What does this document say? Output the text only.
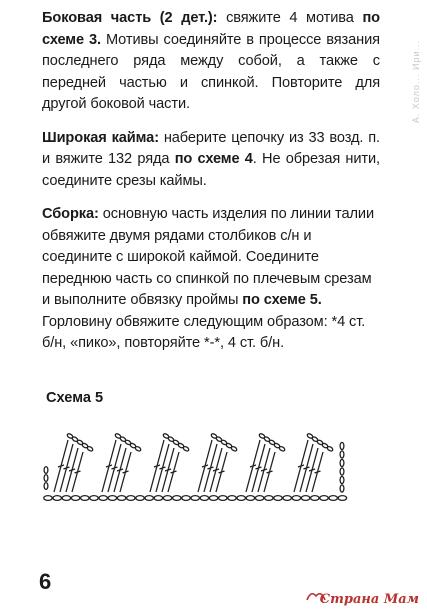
А. Холо... Ири...

Боковая часть (2 дет.): свяжите 4 мотива по схеме 3. Мотивы соединяйте в процессе вязания последнего ряда между собой, а также с передней частью и спинкой. Повторите для другой боковой части.

Широкая кайма: наберите цепочку из 33 возд. п. и вяжите 132 ряда по схеме 4. Не обрезая нити, соедините срезы каймы.

Сборка: основную часть изделия по линии талии обвяжите двумя рядами столбиков с/н и соедините с широкой каймой. Соедините переднюю часть со спинкой по плечевым срезам и выполните обвязку проймы по схеме 5. Горловину обвяжите следующим образом: *4 ст. б/н, «пико», повторяйте *-*, 4 ст. б/н.

Схема 5
6
Страна Мам
